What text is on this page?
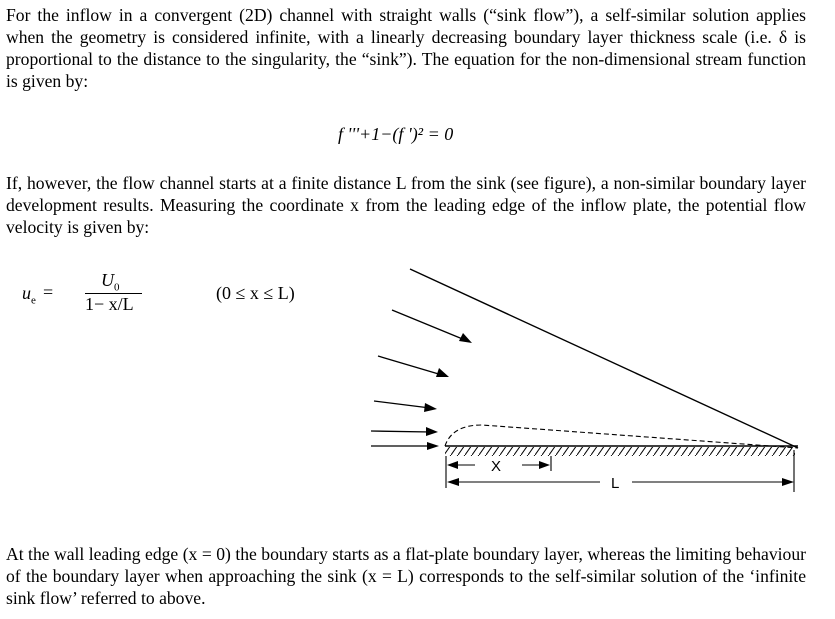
For the inflow in a convergent (2D) channel with straight walls (“sink flow”), a self-similar solution applies when the geometry is considered infinite, with a linearly decreasing boundary layer thickness scale (i.e. δ is proportional to the distance to the singularity, the “sink”). The equation for the non-dimensional stream function is given by:

f '''+1−(f ')² = 0

If, however, the flow channel starts at a finite distance L from the sink (see figure), a non-similar boundary layer development results. Measuring the coordinate x from the leading edge of the inflow plate, the potential flow velocity is given by:

$u_e$ =
$U_0$
1− x/L
(0 ≤ x ≤ L)
X
L

At the wall leading edge (x = 0) the boundary starts as a flat-plate boundary layer, whereas the limiting behaviour of the boundary layer when approaching the sink (x = L) corresponds to the self-similar solution of the ‘infinite sink flow’ referred to above.
